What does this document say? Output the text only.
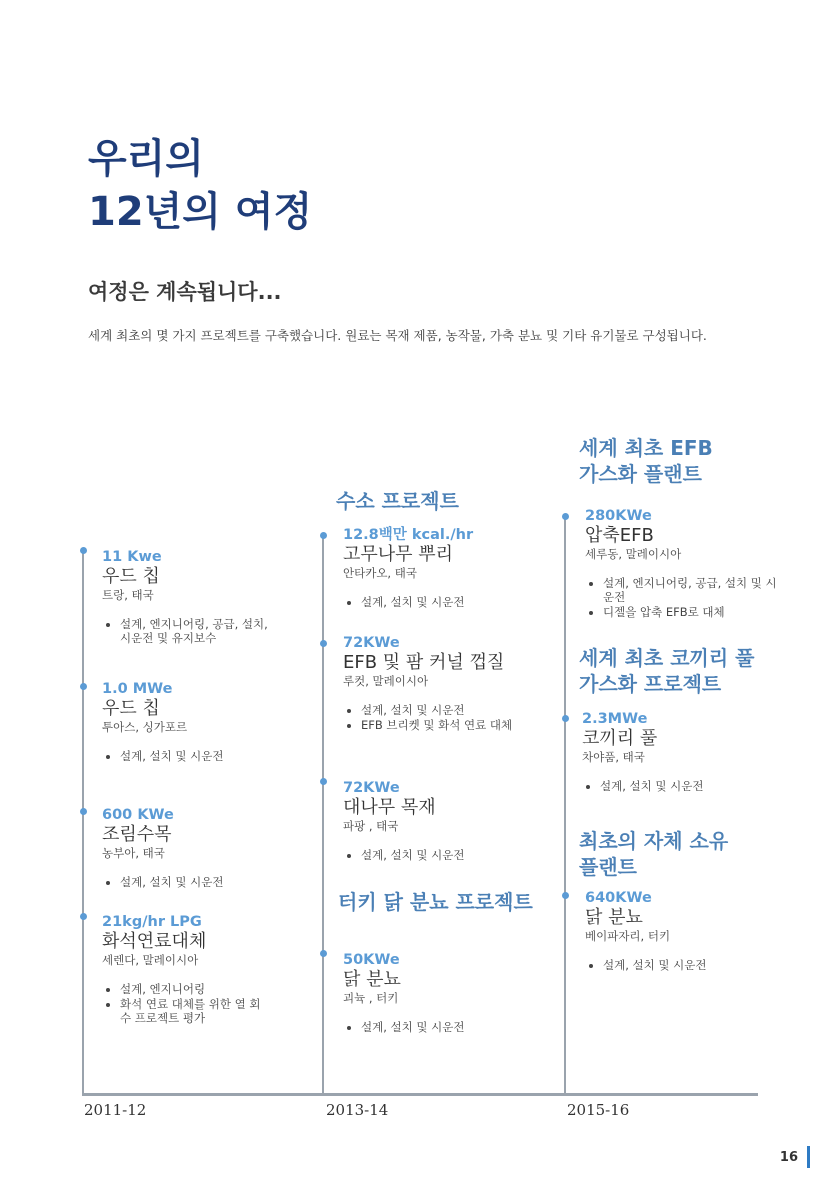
우리의
12년의 여정
여정은 계속됩니다...
세계 최초의 몇 가지 프로젝트를 구축했습니다. 원료는 목재 제품, 농작물, 가축 분뇨 및 기타 유기물로 구성됩니다.
11 Kwe
우드 칩
트랑, 태국
• 설계, 엔지니어링, 공급, 설치, 시운전 및 유지보수
1.0 MWe
우드 칩
투아스, 싱가포르
• 설계, 설치 및 시운전
600 KWe
조림수목
농부아, 태국
• 설계, 설치 및 시운전
21kg/hr LPG
화석연료대체
세렌다, 말레이시아
• 설계, 엔지니어링
• 화석 연료 대체를 위한 열 회수 프로젝트 평가
수소 프로젝트
12.8백만 kcal./hr
고무나무 뿌리
안타카오, 태국
• 설계, 설치 및 시운전
72KWe
EFB 및 팜 커널 껍질
루컷, 말레이시아
• 설계, 설치 및 시운전
• EFB 브리켓 및 화석 연료 대체
72KWe
대나무 목재
파팡 , 태국
• 설계, 설치 및 시운전
터키 닭 분뇨 프로젝트
50KWe
닭 분뇨
괴뉵 , 터키
• 설계, 설치 및 시운전
세계 최초 EFB
가스화 플랜트
280KWe
압축EFB
세루동, 말레이시아
• 설계, 엔지니어링, 공급, 설치 및 시운전
• 디젤을 압축 EFB로 대체
세계 최초 코끼리 풀
가스화 프로젝트
2.3MWe
코끼리 풀
차야품, 태국
• 설계, 설치 및 시운전
최초의 자체 소유
플랜트
640KWe
닭 분뇨
베이파자리, 터키
• 설계, 설치 및 시운전
2011-12	2013-14	2015-16
16
